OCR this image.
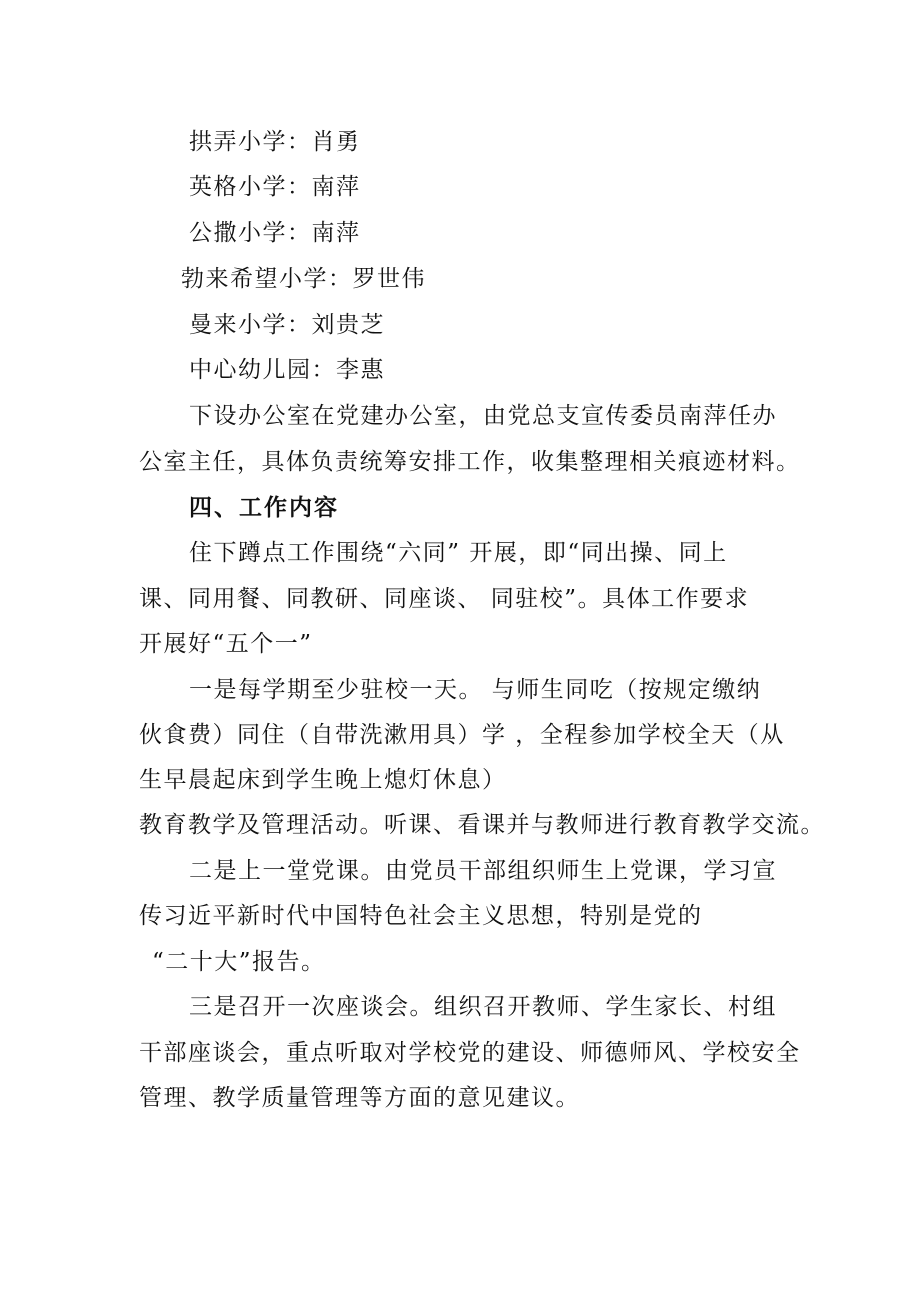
拱弄小学：肖勇
英格小学：南萍
公撒小学：南萍
勃来希望小学：罗世伟
曼来小学：刘贵芝
中心幼儿园：李惠
下设办公室在党建办公室，由党总支宣传委员南萍任办
公室主任，具体负责统筹安排工作，收集整理相关痕迹材料。
四、工作内容
住下蹲点工作围绕“六同” 开展，即“同出操、同上
课、同用餐、同教研、同座谈、 同驻校”。具体工作要求
开展好“五个一”
一是每学期至少驻校一天。 与师生同吃（按规定缴纳
伙食费）同住（自带洗漱用具）学 ，全程参加学校全天（从
生早晨起床到学生晚上熄灯休息）
教育教学及管理活动。听课、看课并与教师进行教育教学交流。
二是上一堂党课。由党员干部组织师生上党课，学习宣
传习近平新时代中国特色社会主义思想，特别是党的
“二十大”报告。
三是召开一次座谈会。组织召开教师、学生家长、村组
干部座谈会，重点听取对学校党的建设、师德师风、学校安全
管理、教学质量管理等方面的意见建议。
